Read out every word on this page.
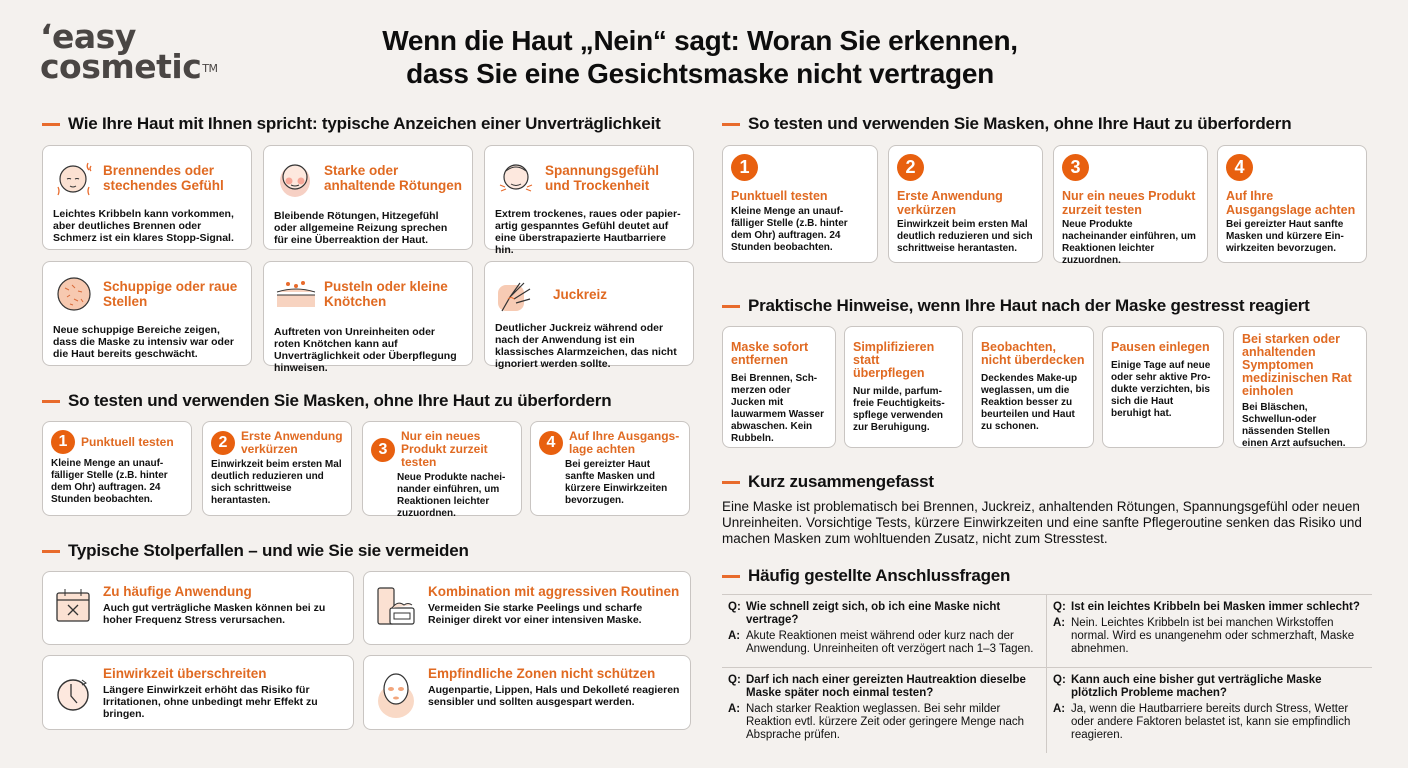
‘easy
cosmetic™
Wenn die Haut „Nein“ sagt: Woran Sie erkennen,
dass Sie eine Gesichtsmaske nicht vertragen
Wie Ihre Haut mit Ihnen spricht: typische Anzeichen einer Unverträglichkeit
Brennendes oder stechendes Gefühl
Leichtes Kribbeln kann vorkommen, aber deutliches Brennen oder Schmerz ist ein klares Stopp-Signal.
Starke oder anhaltende Rötungen
Bleibende Rötungen, Hitzegefühl oder allgemeine Reizung sprechen für eine Überreaktion der Haut.
Spannungsgefühl und Trockenheit
Extrem trockenes, raues oder papier-artig gespanntes Gefühl deutet auf eine überstrapazierte Hautbarriere hin.
Schuppige oder raue Stellen
Neue schuppige Bereiche zeigen, dass die Maske zu intensiv war oder die Haut bereits geschwächt.
Pusteln oder kleine Knötchen
Auftreten von Unreinheiten oder roten Knötchen kann auf Unverträglichkeit oder Überpflegung hinweisen.
Juckreiz
Deutlicher Juckreiz während oder nach der Anwendung ist ein klassisches Alarmzeichen, das nicht ignoriert werden sollte.
So testen und verwenden Sie Masken, ohne Ihre Haut zu überfordern
1	Punktuell testen
Kleine Menge an unauf-fälliger Stelle (z.B. hinter dem Ohr) auftragen. 24 Stunden beobachten.
2	Erste Anwendung verkürzen
Einwirkzeit beim ersten Mal deutlich reduzieren und sich schrittweise herantasten.
3
Nur ein neues Produkt zurzeit testen
Neue Produkte nachei-nander einführen, um Reaktionen leichter zuzuordnen.
4	Auf Ihre Ausgangs-lage achten
Bei gereizter Haut sanfte Masken und kürzere Einwirkzeiten bevorzugen.
Typische Stolperfallen – und wie Sie sie vermeiden
Zu häufige Anwendung
Auch gut verträgliche Masken können bei zu hoher Frequenz Stress verursachen.
Kombination mit aggressiven Routinen
Vermeiden Sie starke Peelings und scharfe Reiniger direkt vor einer intensiven Maske.
Einwirkzeit überschreiten
Längere Einwirkzeit erhöht das Risiko für Irritationen, ohne unbedingt mehr Effekt zu bringen.
Empfindliche Zonen nicht schützen
Augenpartie, Lippen, Hals und Dekolleté reagieren sensibler und sollten ausgespart werden.
So testen und verwenden Sie Masken, ohne Ihre Haut zu überfordern
1
Punktuell testen
Kleine Menge an unauf-fälliger Stelle (z.B. hinter dem Ohr) auftragen. 24 Stunden beobachten.
2
Erste Anwendung verkürzen
Einwirkzeit beim ersten Mal deutlich reduzieren und sich schrittweise herantasten.
3
Nur ein neues Produkt zurzeit testen
Neue Produkte nacheinander einführen, um Reaktionen leichter zuzuordnen.
4
Auf Ihre Ausgangslage achten
Bei gereizter Haut sanfte Masken und kürzere Ein-wirkzeiten bevorzugen.
Praktische Hinweise, wenn Ihre Haut nach der Maske gestresst reagiert
Maske sofort entfernen
Bei Brennen, Sch-merzen oder Jucken mit lauwarmem Wasser abwaschen. Kein Rubbeln.
Simplifizieren statt überpflegen
Nur milde, parfum-freie Feuchtigkeits-spflege verwenden zur Beruhigung.
Beobachten, nicht überdecken
Deckendes Make-up weglassen, um die Reaktion besser zu beurteilen und Haut zu schonen.
Pausen einlegen
Einige Tage auf neue oder sehr aktive Pro-dukte verzichten, bis sich die Haut beruhigt hat.
Bei starken oder anhaltenden Symptomen medizinischen Rat einholen
Bei Bläschen, Schwellun-oder nässenden Stellen einen Arzt aufsuchen.
Kurz zusammengefasst
Eine Maske ist problematisch bei Brennen, Juckreiz, anhaltenden Rötungen, Spannungsgefühl oder neuen Unreinheiten. Vorsichtige Tests, kürzere Einwirkzeiten und eine sanfte Pflegeroutine senken das Risiko und machen Masken zum wohltuenden Zusatz, nicht zum Stresstest.
Häufig gestellte Anschlussfragen
Q: Wie schnell zeigt sich, ob ich eine Maske nicht vertrage?
A: Akute Reaktionen meist während oder kurz nach der Anwendung. Unreinheiten oft verzögert nach 1–3 Tagen.
Q: Ist ein leichtes Kribbeln bei Masken immer schlecht?
A: Nein. Leichtes Kribbeln ist bei manchen Wirkstoffen normal. Wird es unangenehm oder schmerzhaft, Maske abnehmen.
Q: Darf ich nach einer gereizten Hautreaktion dieselbe Maske später noch einmal testen?
A: Nach starker Reaktion weglassen. Bei sehr milder Reaktion evtl. kürzere Zeit oder geringere Menge nach Absprache prüfen.
Q: Kann auch eine bisher gut verträgliche Maske plötzlich Probleme machen?
A: Ja, wenn die Hautbarriere bereits durch Stress, Wetter oder andere Faktoren belastet ist, kann sie empfindlich reagieren.
